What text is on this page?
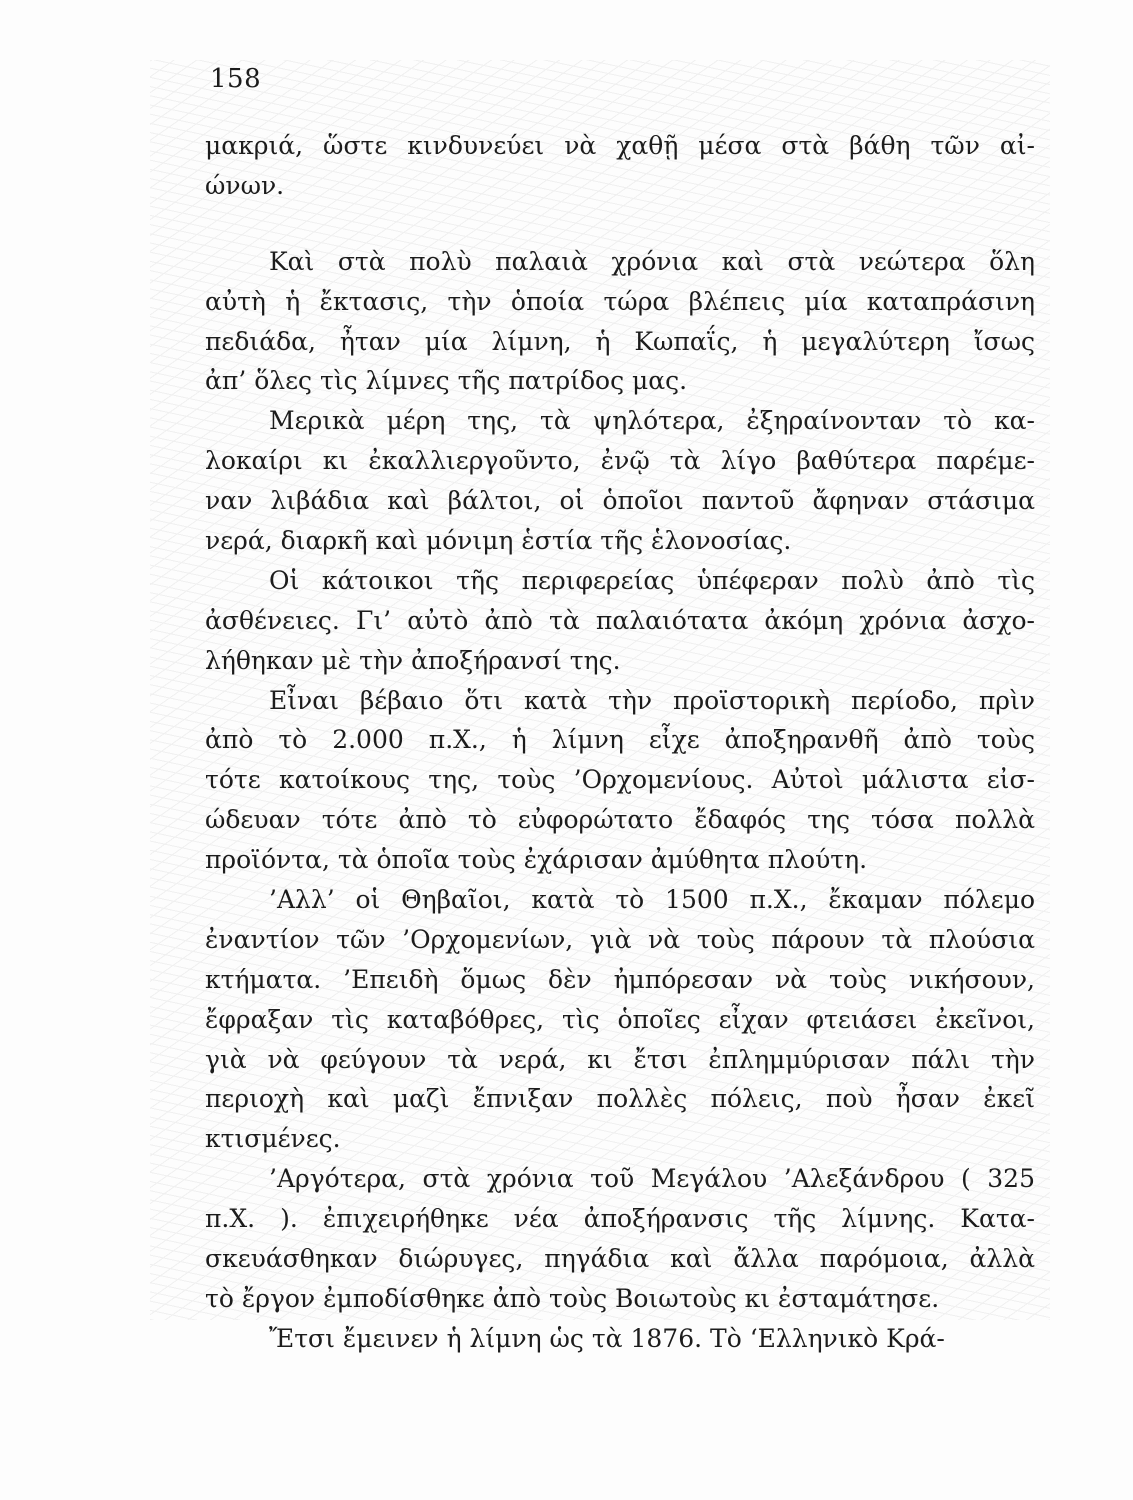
158
μακριά, ὥστε κινδυνεύει νὰ χαθῇ μέσα στὰ βάθη τῶν αἰ-
ώνων.
Καὶ στὰ πολὺ παλαιὰ χρόνια καὶ στὰ νεώτερα ὅλη
αὐτὴ ἡ ἔκτασις, τὴν ὁποία τώρα βλέπεις μία καταπράσινη
πεδιάδα, ἦταν μία λίμνη, ἡ Κωπαΐς, ἡ μεγαλύτερη ἴσως
ἀπ’ ὅλες τὶς λίμνες τῆς πατρίδος μας.
Μερικὰ μέρη της, τὰ ψηλότερα, ἐξηραίνονταν τὸ κα-
λοκαίρι κι ἐκαλλιεργοῦντο, ἐνῷ τὰ λίγο βαθύτερα παρέμε-
ναν λιβάδια καὶ βάλτοι, οἱ ὁποῖοι παντοῦ ἄφηναν στάσιμα
νερά, διαρκῆ καὶ μόνιμη ἑστία τῆς ἑλονοσίας.
Οἱ κάτοικοι τῆς περιφερείας ὑπέφεραν πολὺ ἀπὸ τὶς
ἀσθένειες. Γι’ αὐτὸ ἀπὸ τὰ παλαιότατα ἀκόμη χρόνια ἀσχο-
λήθηκαν μὲ τὴν ἀποξήρανσί της.
Εἶναι βέβαιο ὅτι κατὰ τὴν προϊστορικὴ περίοδο, πρὶν
ἀπὸ τὸ 2.000 π.Χ., ἡ λίμνη εἶχε ἀποξηρανθῆ ἀπὸ τοὺς
τότε κατοίκους της, τοὺς ’Ορχομενίους. Αὐτοὶ μάλιστα εἰσ-
ώδευαν τότε ἀπὸ τὸ εὐφορώτατο ἔδαφός της τόσα πολλὰ
προϊόντα, τὰ ὁποῖα τοὺς ἐχάρισαν ἀμύθητα πλούτη.
’Αλλ’ οἱ Θηβαῖοι, κατὰ τὸ 1500 π.Χ., ἔκαμαν πόλεμο
ἐναντίον τῶν ’Ορχομενίων, γιὰ νὰ τοὺς πάρουν τὰ πλούσια
κτήματα. ’Επειδὴ ὅμως δὲν ἠμπόρεσαν νὰ τοὺς νικήσουν,
ἔφραξαν τὶς καταβόθρες, τὶς ὁποῖες εἶχαν φτειάσει ἐκεῖνοι,
γιὰ νὰ φεύγουν τὰ νερά, κι ἔτσι ἐπλημμύρισαν πάλι τὴν
περιοχὴ καὶ μαζὶ ἔπνιξαν πολλὲς πόλεις, ποὺ ἦσαν ἐκεῖ
κτισμένες.
’Αργότερα, στὰ χρόνια τοῦ Μεγάλου ’Αλεξάνδρου ( 325
π.Χ. ). ἐπιχειρήθηκε νέα ἀποξήρανσις τῆς λίμνης. Κατα-
σκευάσθηκαν διώρυγες, πηγάδια καὶ ἄλλα παρόμοια, ἀλλὰ
τὸ ἔργον ἐμποδίσθηκε ἀπὸ τοὺς Βοιωτοὺς κι ἐσταμάτησε.
Ἔτσι ἔμεινεν ἡ λίμνη ὡς τὰ 1876. Τὸ ‘Ελληνικὸ Κρά-
